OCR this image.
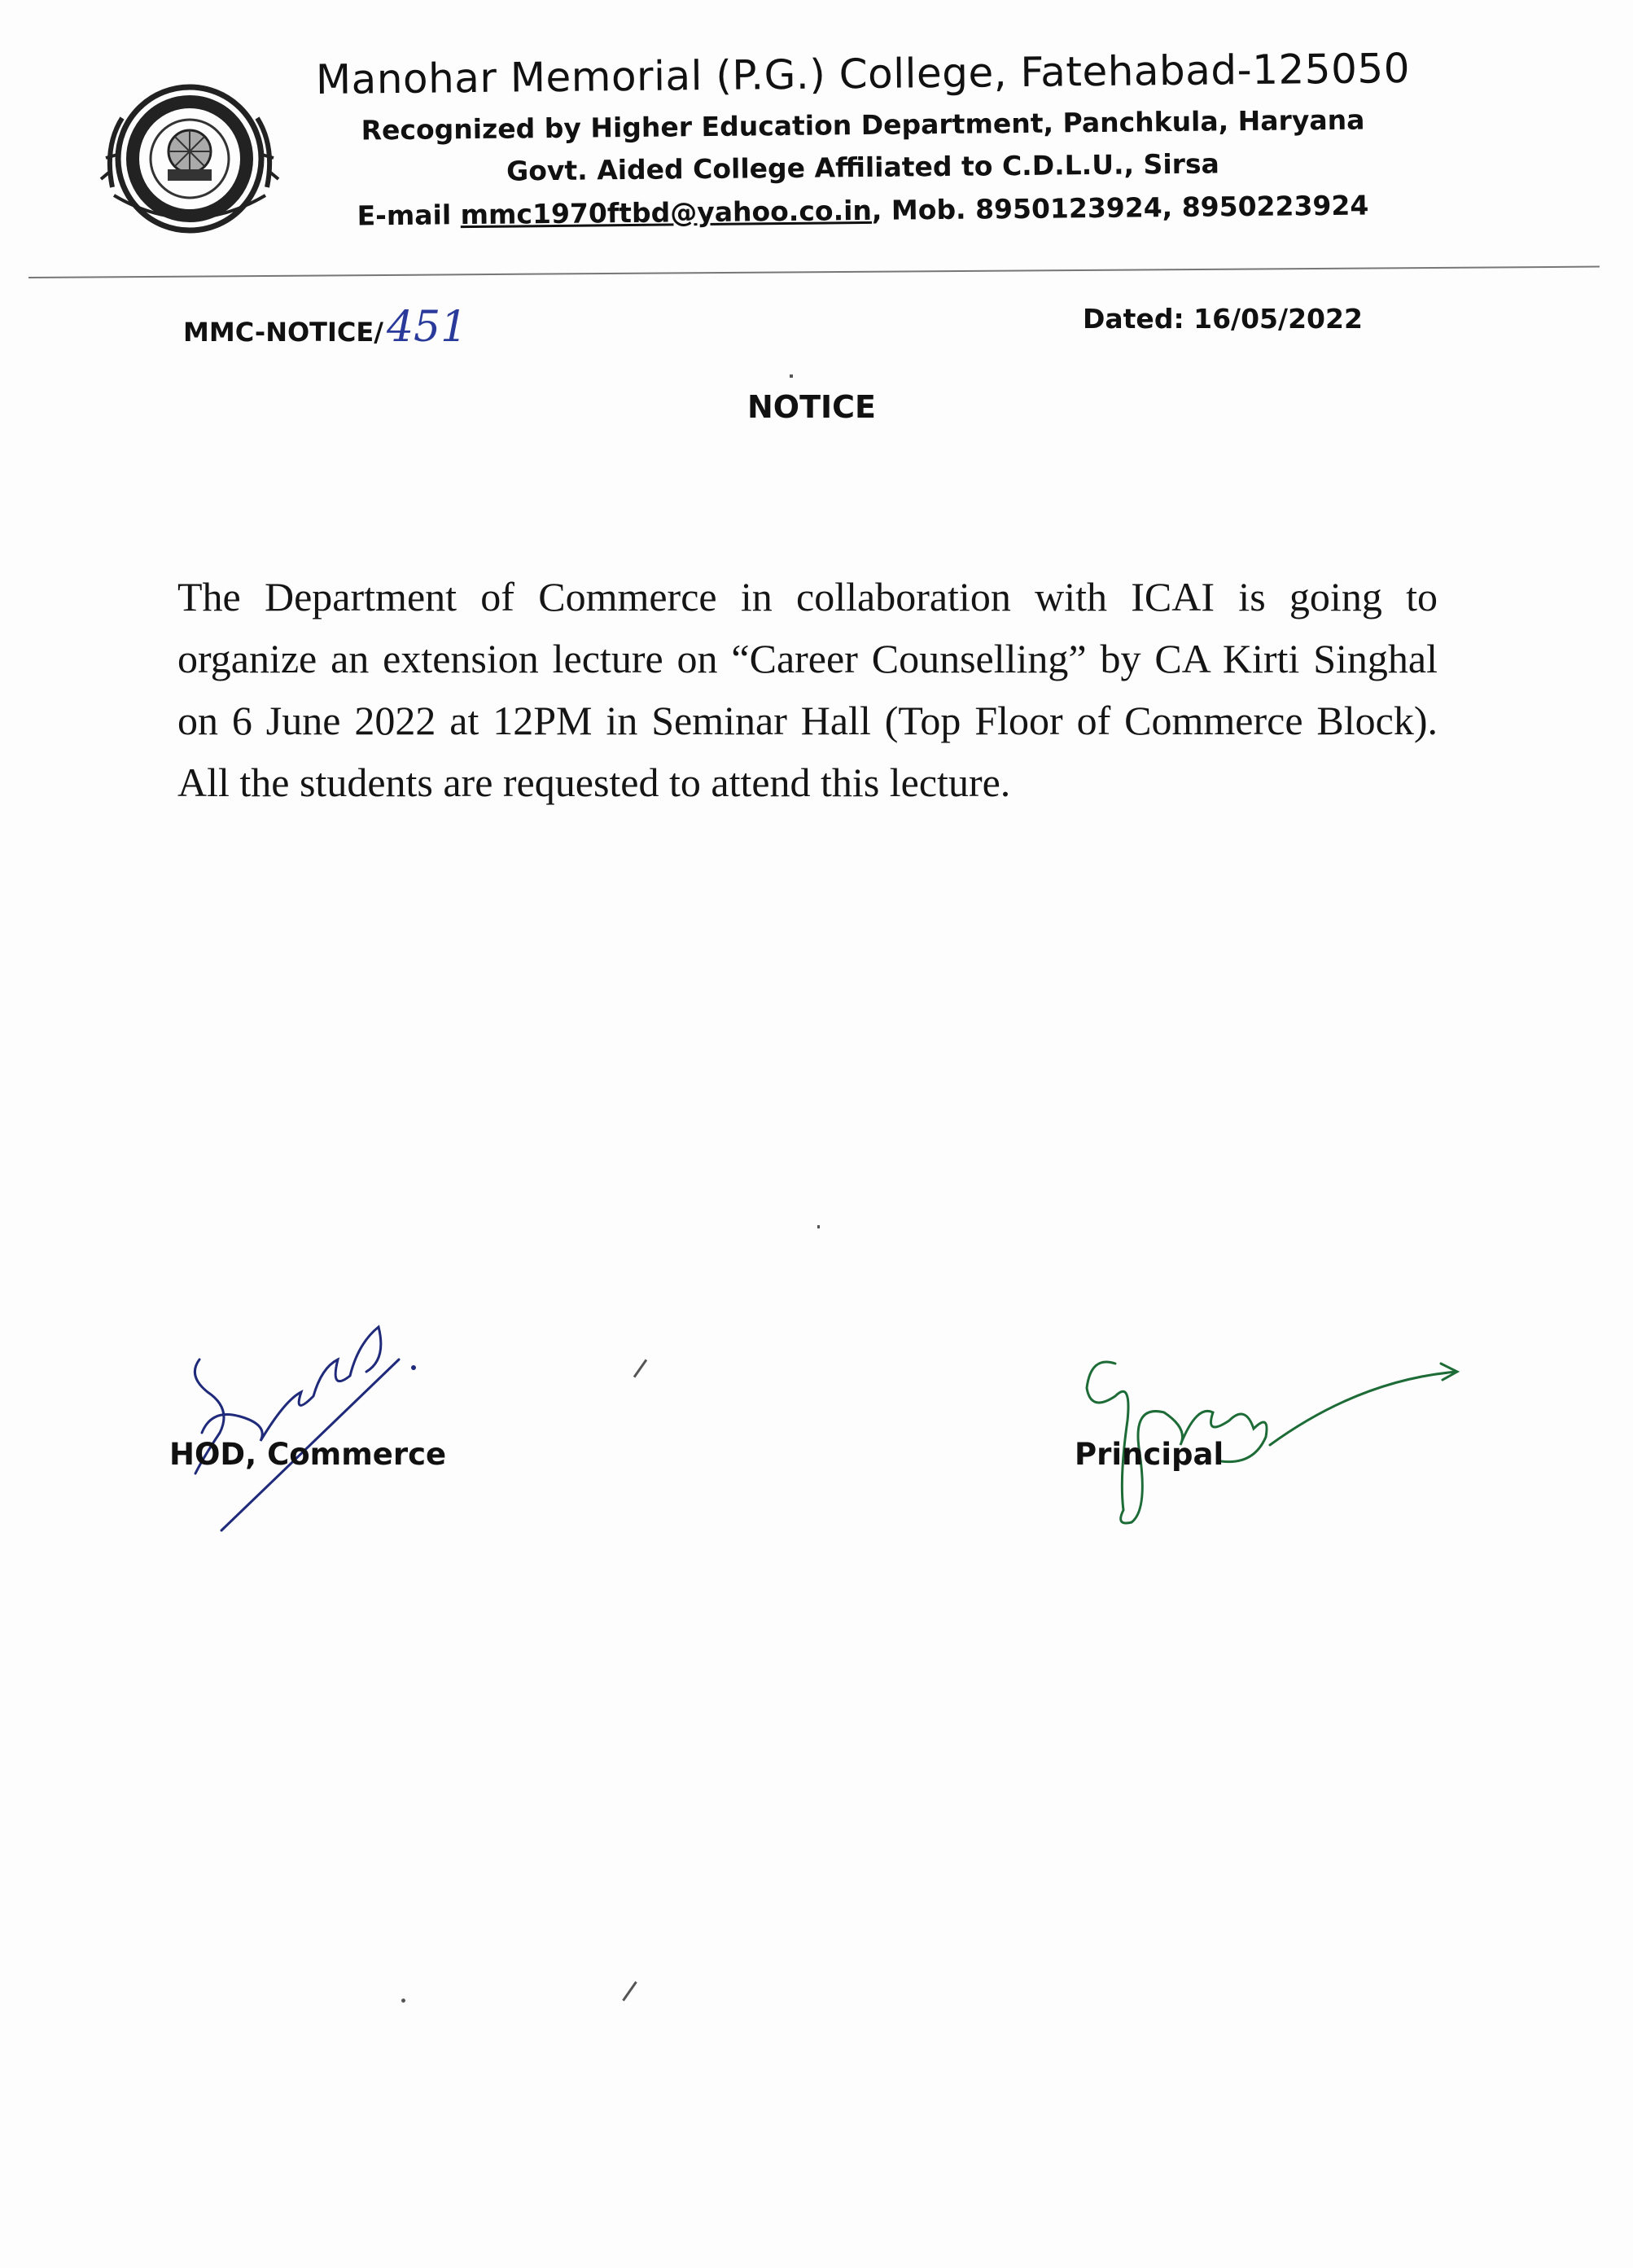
Manohar Memorial (P.G.) College, Fatehabad-125050

Recognized by Higher Education Department, Panchkula, Haryana

Govt. Aided College Affiliated to C.D.L.U., Sirsa

E-mail mmc1970ftbd@yahoo.co.in, Mob. 8950123924, 8950223924

MMC-NOTICE/ 451	Dated: 16/05/2022
NOTICE

The Department of Commerce in collaboration with ICAI is going to organize an extension lecture on “Career Counselling” by CA Kirti Singhal on 6 June 2022 at 12PM in Seminar Hall (Top Floor of Commerce Block). All the students are requested to attend this lecture.

HOD, Commerce	Principal
